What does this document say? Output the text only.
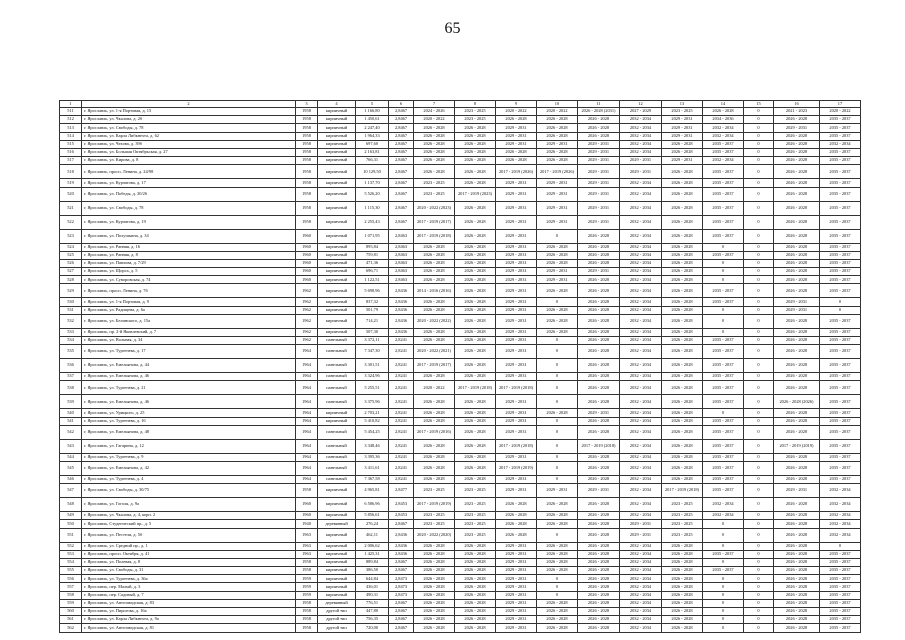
65
1	2	3	4	5	6	7	8	9	10	11	12	13	14	15	16	17
511	г. Ярославль, ул. 1-я Портовая, д. 15	1958	кирпичный	1 166,80	2,8467	2024 - 2026	2023 - 2025	2020 - 2022	2020 - 2022	2026 - 2028 (2031)	2027 - 2029	2023 - 2025	2026 - 2028	0	2021 - 2023	2020 - 2022
512	г. Ярославль, ул. Чкалова, д. 2б	1958	кирпичный	1 450,61	2,8467	2020 - 2022	2023 - 2025	2026 - 2028	2026 - 2028	2026 - 2028	2032 - 2034	2029 - 2031	2034 - 2036	0	2026 - 2028	2035 - 2037
513	г. Ярославль, ул. Свободы, д. 78	1958	кирпичный	2 247,40	2,8467	2026 - 2028	2026 - 2028	2029 - 2031	2026 - 2028	2026 - 2028	2032 - 2034	2029 - 2031	2032 - 2034	0	2029 - 2031	2035 - 2037
514	г. Ярославль, ул. Карла Либкнехта, д. 62	1958	кирпичный	1 964,33	2,8467	2026 - 2028	2026 - 2028	2029 - 2031	2026 - 2028	2026 - 2028	2032 - 2034	2029 - 2031	2032 - 2034	0	2026 - 2028	2035 - 2037
515	г. Ярославль, ул. Чехова, д. 39б	1958	кирпичный	697,60	2,8467	2026 - 2028	2026 - 2028	2029 - 2031	2029 - 2031	2029 - 2031	2032 - 2034	2026 - 2028	2035 - 2037	0	2026 - 2028	2032 - 2034
516	г. Ярославль, ул. Большая Октябрьская, д. 27	1958	кирпичный	2 163,81	2,8467	2026 - 2028	2026 - 2028	2026 - 2028	2026 - 2028	2029 - 2031	2032 - 2034	2026 - 2028	2035 - 2037	0	2026 - 2028	2035 - 2037
517	г. Ярославль, ул. Кирова, д. 8	1958	кирпичный	766,31	2,8467	2026 - 2028	2026 - 2028	2026 - 2028	2026 - 2028	2029 - 2031	2029 - 2031	2029 - 2031	2032 - 2034	0	2026 - 2028	2035 - 2037
518	г. Ярославль, просп. Ленина, д. 24/98	1958	кирпичный	10 129,50	2,8467	2026 - 2028	2026 - 2028	2017 - 2019 (2026)	2017 - 2019 (2026)	2029 - 2031	2029 - 2031	2026 - 2028	2035 - 2037	0	2026 - 2028	2035 - 2037
519	г. Ярославль, ул. Курчатова, д. 17	1958	кирпичный	1 137,70	2,8467	2023 - 2025	2026 - 2028	2029 - 2031	2029 - 2031	2029 - 2031	2032 - 2034	2026 - 2028	2035 - 2037	0	2026 - 2028	2035 - 2037
520	г. Ярославль, ул. Победы, д. 30/26	1958	кирпичный	5 526,20	2,8467	2023 - 2025	2017 - 2019 (2023)	2029 - 2031	2029 - 2031	2029 - 2031	2032 - 2034	2026 - 2028	2035 - 2037	0	2026 - 2028	2035 - 2037
521	г. Ярославль, ул. Свободы, д. 78	1958	кирпичный	1 115,30	2,8467	2020 - 2022 (2023)	2026 - 2028	2029 - 2031	2029 - 2031	2029 - 2031	2032 - 2034	2026 - 2028	2035 - 2037	0	2026 - 2028	2035 - 2037
522	г. Ярославль, ул. Курчатова, д. 19	1958	кирпичный	2 255,43	2,8467	2017 - 2019 (2017)	2026 - 2028	2029 - 2031	2029 - 2031	2029 - 2031	2032 - 2034	2026 - 2028	2035 - 2037	0	2026 - 2028	2035 - 2037
523	г. Ярославль, ул. Полушкина, д. 34	1960	кирпичный	1 071,95	2,8463	2017 - 2019 (2018)	2026 - 2028	2029 - 2031	0	2026 - 2028	2032 - 2034	2026 - 2028	2035 - 2037	0	2026 - 2028	2035 - 2037
524	г. Ярославль, ул. Ранняя, д. 16	1960	кирпичный	895,84	2,8463	2026 - 2028	2026 - 2028	2029 - 2031	2026 - 2028	2026 - 2028	2032 - 2034	2026 - 2028	0	0	2026 - 2028	2035 - 2037
525	г. Ярославль, ул. Ранняя, д. 8	1960	кирпичный	759,81	2,8463	2026 - 2028	2026 - 2028	2029 - 2031	2026 - 2028	2026 - 2028	2032 - 2034	2026 - 2028	2035 - 2037	0	2026 - 2028	2035 - 2037
526	г. Ярославль, ул. Павлова, д. 7/29	1960	кирпичный	471,36	2,8463	2026 - 2028	2026 - 2028	2029 - 2031	2026 - 2028	2026 - 2028	2032 - 2034	2026 - 2028	0	0	2026 - 2028	2035 - 2037
527	г. Ярославль, ул. Щорса, д. 5	1960	кирпичный	696,71	2,8463	2026 - 2028	2026 - 2028	2029 - 2031	2029 - 2031	2029 - 2031	2032 - 2034	2026 - 2028	0	0	2026 - 2028	2035 - 2037
528	г. Ярославль, ул. Суворовская, д. 74	1960	кирпичный	1 122,51	2,8463	2026 - 2028	2026 - 2028	2029 - 2031	2029 - 2031	2026 - 2028	2032 - 2034	2026 - 2028	0	0	2026 - 2028	2035 - 2037
529	г. Ярославль, просп. Ленина, д. 76	1962	кирпичный	5 698,96	2,8436	2014 - 2016 (2016)	2026 - 2028	2029 - 2031	2026 - 2028	2026 - 2028	2032 - 2034	2026 - 2028	2035 - 2037	0	2026 - 2028	2035 - 2037
530	г. Ярославль, ул. 1-я Портовая, д. 9	1962	кирпичный	837,32	2,8436	2026 - 2028	2026 - 2028	2029 - 2031	0	2026 - 2028	2032 - 2034	2026 - 2028	2035 - 2037	0	2029 - 2031	0
531	г. Ярославль, ул. Радищева, д. 6а	1962	кирпичный	501,79	2,8436	2026 - 2028	2026 - 2028	2029 - 2031	2026 - 2028	2026 - 2028	2032 - 2034	2026 - 2028	0	0	2029 - 2031	0
532	г. Ярославль, ул. Белинского, д. 15а	1962	кирпичный	714,21	2,8436	2020 - 2022 (2022)	2026 - 2028	2029 - 2031	2026 - 2028	2026 - 2028	2032 - 2034	2026 - 2028	0	0	2026 - 2028	2035 - 2037
533	г. Ярославль, пр. 2-й Яковлевский, д. 7	1962	кирпичный	507,30	2,8436	2026 - 2028	2026 - 2028	2029 - 2031	2026 - 2028	2026 - 2028	2032 - 2034	2026 - 2028	0	0	2026 - 2028	2035 - 2037
534	г. Ярославль, ул. Вольная, д. 34	1962	панельный	3 372,11	2,8241	2026 - 2028	2026 - 2028	2029 - 2031	0	2026 - 2028	2032 - 2034	2026 - 2028	2035 - 2037	0	2026 - 2028	2035 - 2037
535	г. Ярославль, ул. Тургенева, д. 17	1964	панельный	7 347,30	2,8241	2020 - 2022 (2021)	2026 - 2028	2029 - 2031	0	2026 - 2028	2032 - 2034	2026 - 2028	2035 - 2037	0	2026 - 2028	2035 - 2037
536	г. Ярославль, ул. Емельянова, д. 44	1964	панельный	3 301,51	2,8241	2017 - 2019 (2017)	2026 - 2028	2029 - 2031	0	2026 - 2028	2032 - 2034	2026 - 2028	2035 - 2037	0	2026 - 2028	2035 - 2037
537	г. Ярославль, ул. Емельянова, д. 46	1964	панельный	3 324,96	2,8241	2026 - 2028	2026 - 2028	2029 - 2031	0	2026 - 2028	2032 - 2034	2026 - 2028	2035 - 2037	0	2026 - 2028	2035 - 2037
538	г. Ярославль, ул. Тургенева, д. 21	1964	панельный	5 255,51	2,8241	2020 - 2022	2017 - 2019 (2018)	2017 - 2019 (2018)	0	2026 - 2028	2032 - 2034	2026 - 2028	2035 - 2037	0	2026 - 2028	2035 - 2037
539	г. Ярославль, ул. Емельянова, д. 46	1964	панельный	3 375,96	2,8241	2026 - 2028	2026 - 2028	2029 - 2031	0	2026 - 2028	2032 - 2034	2026 - 2028	2035 - 2037	0	2026 - 2028 (2026)	2035 - 2037
540	г. Ярославль, ул. Урицкого, д. 25	1964	кирпичный	2 703,21	2,8241	2026 - 2028	2026 - 2028	2029 - 2031	2026 - 2028	2029 - 2031	2032 - 2034	2026 - 2028	0	0	2026 - 2028	2035 - 2037
541	г. Ярославль, ул. Тургенева, д. 16	1964	кирпичный	5 410,82	2,8241	2026 - 2028	2026 - 2028	2029 - 2031	0	2026 - 2028	2032 - 2034	2026 - 2028	2035 - 2037	0	2026 - 2028	2035 - 2037
542	г. Ярославль, ул. Емельянова, д. 48	1964	панельный	5 454,25	2,8241	2017 - 2019 (2016)	2026 - 2028	2029 - 2031	0	2026 - 2028	2032 - 2034	2026 - 2028	2035 - 2037	0	2026 - 2028	2035 - 2037
543	г. Ярославль, ул. Гагарина, д. 12	1964	панельный	3 348,46	2,8241	2026 - 2028	2026 - 2028	2017 - 2019 (2018)	0	2017 - 2019 (2018)	2032 - 2034	2026 - 2028	2035 - 2037	0	2017 - 2019 (2019)	2035 - 2037
544	г. Ярославль, ул. Тургенева, д. 9	1964	панельный	3 395,36	2,8241	2026 - 2028	2026 - 2028	2029 - 2031	0	2026 - 2028	2032 - 2034	2026 - 2028	2035 - 2037	0	2026 - 2028	2035 - 2037
545	г. Ярославль, ул. Емельянова, д. 42	1964	панельный	3 411,61	2,8241	2026 - 2028	2026 - 2028	2017 - 2019 (2019)	0	2026 - 2028	2032 - 2034	2026 - 2028	2035 - 2037	0	2026 - 2028	2035 - 2037
546	г. Ярославль, ул. Тургенева, д. 4	1964	панельный	7 367,58	2,8241	2026 - 2028	2026 - 2028	2029 - 2031	0	2026 - 2028	2032 - 2034	2026 - 2028	2035 - 2037	0	2026 - 2028	2035 - 2037
547	г. Ярославль, ул. Свободы, д. 30/75	1958	кирпичный	4 965,81	2,8477	2023 - 2025	2023 - 2025	2029 - 2031	2029 - 2031	2029 - 2031	2032 - 2034	2017 - 2019 (2018)	2035 - 2037	0	2029 - 2031	2032 - 2034
548	г. Ярославль, ул. Гоголя, д. 9а	1960	кирпичный	6 586,96	2,8453	2017 - 2019 (2019)	2023 - 2025	2026 - 2028	2026 - 2028	2026 - 2028	2032 - 2034	2023 - 2025	2032 - 2034	0	2026 - 2028	2032 - 2034
549	г. Ярославль, ул. Чкалова, д. 4, корп. 2	1960	кирпичный	5 856,61	2,8453	2023 - 2025	2023 - 2025	2026 - 2028	2026 - 2028	2026 - 2028	2032 - 2034	2023 - 2025	2032 - 2034	0	2026 - 2028	2032 - 2034
550	г. Ярославль, Студенческий пр., д. 5	1940	деревянный	276,24	2,8467	2023 - 2025	2023 - 2025	2026 - 2028	2026 - 2028	2026 - 2028	2029 - 2031	2023 - 2025	0	0	2026 - 2028	2032 - 2034
551	г. Ярославль, ул. Пестеля, д. 5б	1963	кирпичный	462,11	2,8436	2020 - 2022 (2020)	2023 - 2025	2026 - 2028	0	2026 - 2028	2029 - 2031	2023 - 2025	0	0	2026 - 2028	2032 - 2034
552	г. Ярославль, ул. Средний пр., д. 1	1963	кирпичный	2 006,62	2,8436	2026 - 2028	2026 - 2028	2029 - 2031	2026 - 2028	2026 - 2028	2032 - 2034	2026 - 2028	0	0	2026 - 2028	0
553	г. Ярославль, просп. Октября, д. 41	1963	кирпичный	1 425,31	2,8436	2026 - 2028	2026 - 2028	2029 - 2031	2026 - 2028	2026 - 2028	2032 - 2034	2026 - 2028	2035 - 2037	0	2026 - 2028	2035 - 2037
554	г. Ярославль, ул. Полевая, д. 8	1958	кирпичный	889,84	2,8467	2026 - 2028	2026 - 2028	2029 - 2031	2026 - 2028	2026 - 2028	2032 - 2034	2026 - 2028	0	0	2026 - 2028	2035 - 2037
555	г. Ярославль, ул. Свободы, д. 31	1958	кирпичный	386,50	2,8467	2026 - 2028	2026 - 2028	2029 - 2031	2026 - 2028	2026 - 2028	2032 - 2034	2026 - 2028	2035 - 2037	0	2026 - 2028	2035 - 2037
556	г. Ярославль, ул. Тургенева, д. 36а	1959	кирпичный	644,84	2,8473	2026 - 2028	2026 - 2028	2029 - 2031	0	2026 - 2028	2032 - 2034	2026 - 2028	0	0	2026 - 2028	2035 - 2037
557	г. Ярославль, пер. Малый, д. 3	1959	кирпичный	436,01	2,8473	2026 - 2028	2026 - 2028	2029 - 2031	0	2026 - 2028	2032 - 2034	2026 - 2028	0	0	2026 - 2028	2035 - 2037
558	г. Ярославль, пер. Садовый, д. 7	1959	кирпичный	490,31	2,8473	2026 - 2028	2026 - 2028	2029 - 2031	0	2026 - 2028	2032 - 2034	2026 - 2028	0	0	2026 - 2028	2035 - 2037
559	г. Ярославль, ул. Автозаводская, д. 83	1958	деревянный	776,51	2,8467	2026 - 2028	2026 - 2028	2029 - 2031	2026 - 2028	2026 - 2028	2032 - 2034	2026 - 2028	0	0	2026 - 2028	2035 - 2037
560	г. Ярославль, ул. Пирогова, д. 16а	1958	другой тип	447,80	2,8467	2026 - 2028	2026 - 2028	2029 - 2031	2026 - 2028	2026 - 2028	2032 - 2034	2026 - 2028	0	0	2026 - 2028	2035 - 2037
561	г. Ярославль, ул. Карла Либкнехта, д. 9а	1958	другой тип	756,35	2,8467	2026 - 2028	2026 - 2028	2029 - 2031	2026 - 2028	2026 - 2028	2032 - 2034	2026 - 2028	0	0	2026 - 2028	2035 - 2037
562	г. Ярославль, ул. Автозаводская, д. 81	1958	другой тип	720,00	2,8467	2026 - 2028	2026 - 2028	2029 - 2031	2026 - 2028	2026 - 2028	2032 - 2034	2026 - 2028	0	0	2026 - 2028	2035 - 2037
